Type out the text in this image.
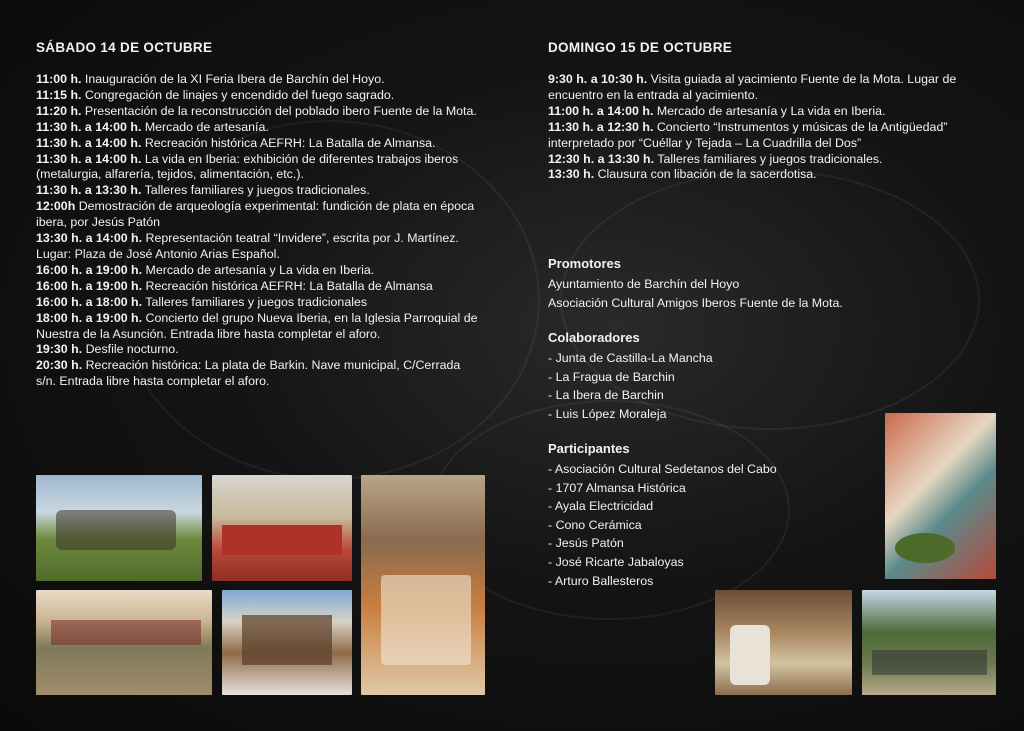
SÁBADO 14 DE OCTUBRE
11:00 h. Inauguración de la XI Feria Ibera de Barchín del Hoyo.
11:15 h. Congregación de linajes y encendido del fuego sagrado.
11:20 h. Presentación de la reconstrucción del poblado ibero Fuente de la Mota.
11:30 h. a 14:00 h. Mercado de artesanía.
11:30 h. a 14:00 h. Recreación histórica AEFRH: La Batalla de Almansa.
11:30 h. a 14:00 h. La vida en Iberia: exhibición de diferentes trabajos iberos (metalurgia, alfarería, tejidos, alimentación, etc.).
11:30 h. a 13:30 h. Talleres familiares y juegos tradicionales.
12:00h Demostración de arqueología experimental: fundición de plata en época ibera, por Jesús Patón
13:30 h. a 14:00 h. Representación teatral “Invidere”, escrita por J. Martínez. Lugar: Plaza de José Antonio Arias Español.
16:00 h. a 19:00 h. Mercado de artesanía y La vida en Iberia.
16:00 h. a 19:00 h. Recreación histórica AEFRH: La Batalla de Almansa
16:00 h. a 18:00 h. Talleres familiares y juegos tradicionales
18:00 h. a 19:00 h. Concierto del grupo Nueva Iberia, en la Iglesia Parroquial de Nuestra de la Asunción. Entrada libre hasta completar el aforo.
19:30 h. Desfile nocturno.
20:30 h. Recreación histórica: La plata de Barkin. Nave municipal, C/Cerrada s/n. Entrada libre hasta completar el aforo.
DOMINGO 15 DE OCTUBRE
9:30 h. a 10:30 h. Visita guiada al yacimiento Fuente de la Mota. Lugar de encuentro en la entrada al yacimiento.
11:00 h. a 14:00 h. Mercado de artesanía y La vida en Iberia.
11:30 h. a 12:30 h. Concierto “Instrumentos y músicas de la Antigüedad” interpretado por “Cuéllar y Tejada – La Cuadrilla del Dos”
12:30 h. a 13:30 h. Talleres familiares y juegos tradicionales.
13:30 h. Clausura con libación de la sacerdotisa.
Promotores
Ayuntamiento de Barchín del Hoyo
Asociación Cultural Amigos Iberos Fuente de la Mota.
Colaboradores
- Junta de Castilla-La Mancha
- La Fragua de Barchin
- La Ibera de Barchin
- Luis López Moraleja
Participantes
- Asociación Cultural Sedetanos del Cabo
- 1707 Almansa Histórica
- Ayala Electricidad
- Cono Cerámica
- Jesús Patón
- José Ricarte Jabaloyas
- Arturo Ballesteros
